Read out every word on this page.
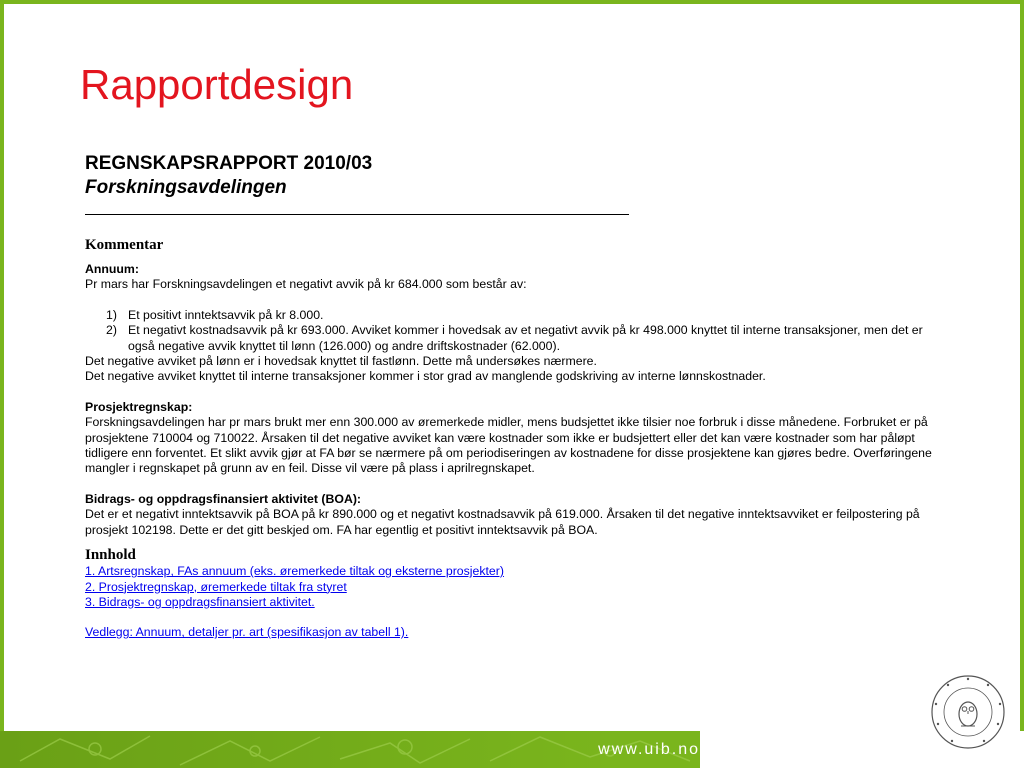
Rapportdesign
REGNSKAPSRAPPORT 2010/03
Forskningsavdelingen
Kommentar
Annuum:
Pr mars har Forskningsavdelingen et negativt avvik på kr 684.000 som består av:
1) Et positivt inntektsavvik på kr 8.000.
2) Et negativt kostnadsavvik på kr 693.000. Avviket kommer i hovedsak av et negativt avvik på kr 498.000 knyttet til interne transaksjoner, men det er også negative avvik knyttet til lønn (126.000) og andre driftskostnader (62.000).
Det negative avviket på lønn er i hovedsak knyttet til fastlønn. Dette må undersøkes nærmere.
Det negative avviket knyttet til interne transaksjoner kommer i stor grad av manglende godskriving av interne lønnskostnader.
Prosjektregnskap:
Forskningsavdelingen har pr mars brukt mer enn 300.000 av øremerkede midler, mens budsjettet ikke tilsier noe forbruk i disse månedene. Forbruket er på prosjektene 710004 og 710022. Årsaken til det negative avviket kan være kostnader som ikke er budsjettert eller det kan være kostnader som har påløpt tidligere enn forventet. Et slikt avvik gjør at FA bør se nærmere på om periodiseringen av kostnadene for disse prosjektene kan gjøres bedre. Overføringene mangler i regnskapet på grunn av en feil. Disse vil være på plass i aprilregnskapet.
Bidrags- og oppdragsfinansiert aktivitet (BOA):
Det er et negativt inntektsavvik på BOA på kr 890.000 og et negativt kostnadsavvik på 619.000. Årsaken til det negative inntektsavviket er feilpostering på prosjekt 102198. Dette er det gitt beskjed om. FA har egentlig et positivt inntektsavvik på BOA.
Innhold
1. Artsregnskap, FAs annuum (eks. øremerkede tiltak og eksterne prosjekter)
2. Prosjektregnskap, øremerkede tiltak fra styret
3. Bidrags- og oppdragsfinansiert aktivitet.
Vedlegg: Annuum, detaljer pr. art (spesifikasjon av tabell 1).
www.uib.no
